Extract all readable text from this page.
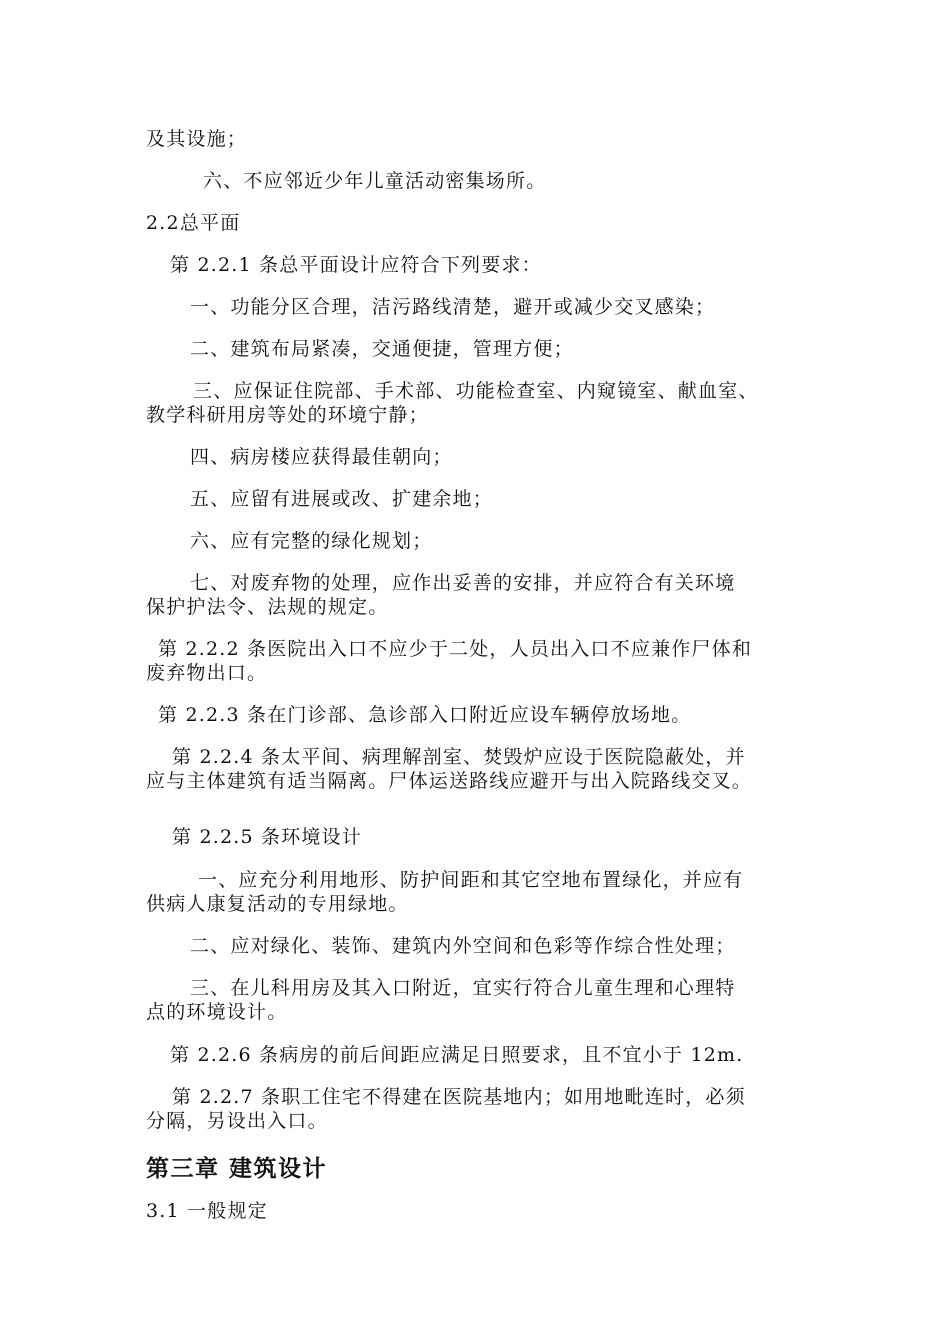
及其设施；
六、不应邻近少年儿童活动密集场所。
2.2总平面
第 2.2.1 条总平面设计应符合下列要求：
一、功能分区合理，洁污路线清楚，避开或减少交叉感染；
二、建筑布局紧凑，交通便捷，管理方便；
三、应保证住院部、手术部、功能检查室、内窥镜室、献血室、
教学科研用房等处的环境宁静；
四、病房楼应获得最佳朝向；
五、应留有进展或改、扩建余地；
六、应有完整的绿化规划；
七、对废弃物的处理，应作出妥善的安排，并应符合有关环境
保护护法令、法规的规定。
第 2.2.2 条医院出入口不应少于二处，人员出入口不应兼作尸体和
废弃物出口。
第 2.2.3 条在门诊部、急诊部入口附近应设车辆停放场地。
第 2.2.4 条太平间、病理解剖室、焚毁炉应设于医院隐蔽处，并
应与主体建筑有适当隔离。尸体运送路线应避开与出入院路线交叉。
第 2.2.5 条环境设计
一、应充分利用地形、防护间距和其它空地布置绿化，并应有
供病人康复活动的专用绿地。
二、应对绿化、装饰、建筑内外空间和色彩等作综合性处理；
三、在儿科用房及其入口附近，宜实行符合儿童生理和心理特
点的环境设计。
第 2.2.6 条病房的前后间距应满足日照要求，且不宜小于 12m.
第 2.2.7 条职工住宅不得建在医院基地内；如用地毗连时，必须
分隔，另设出入口。
第三章 建筑设计
3.1 一般规定
